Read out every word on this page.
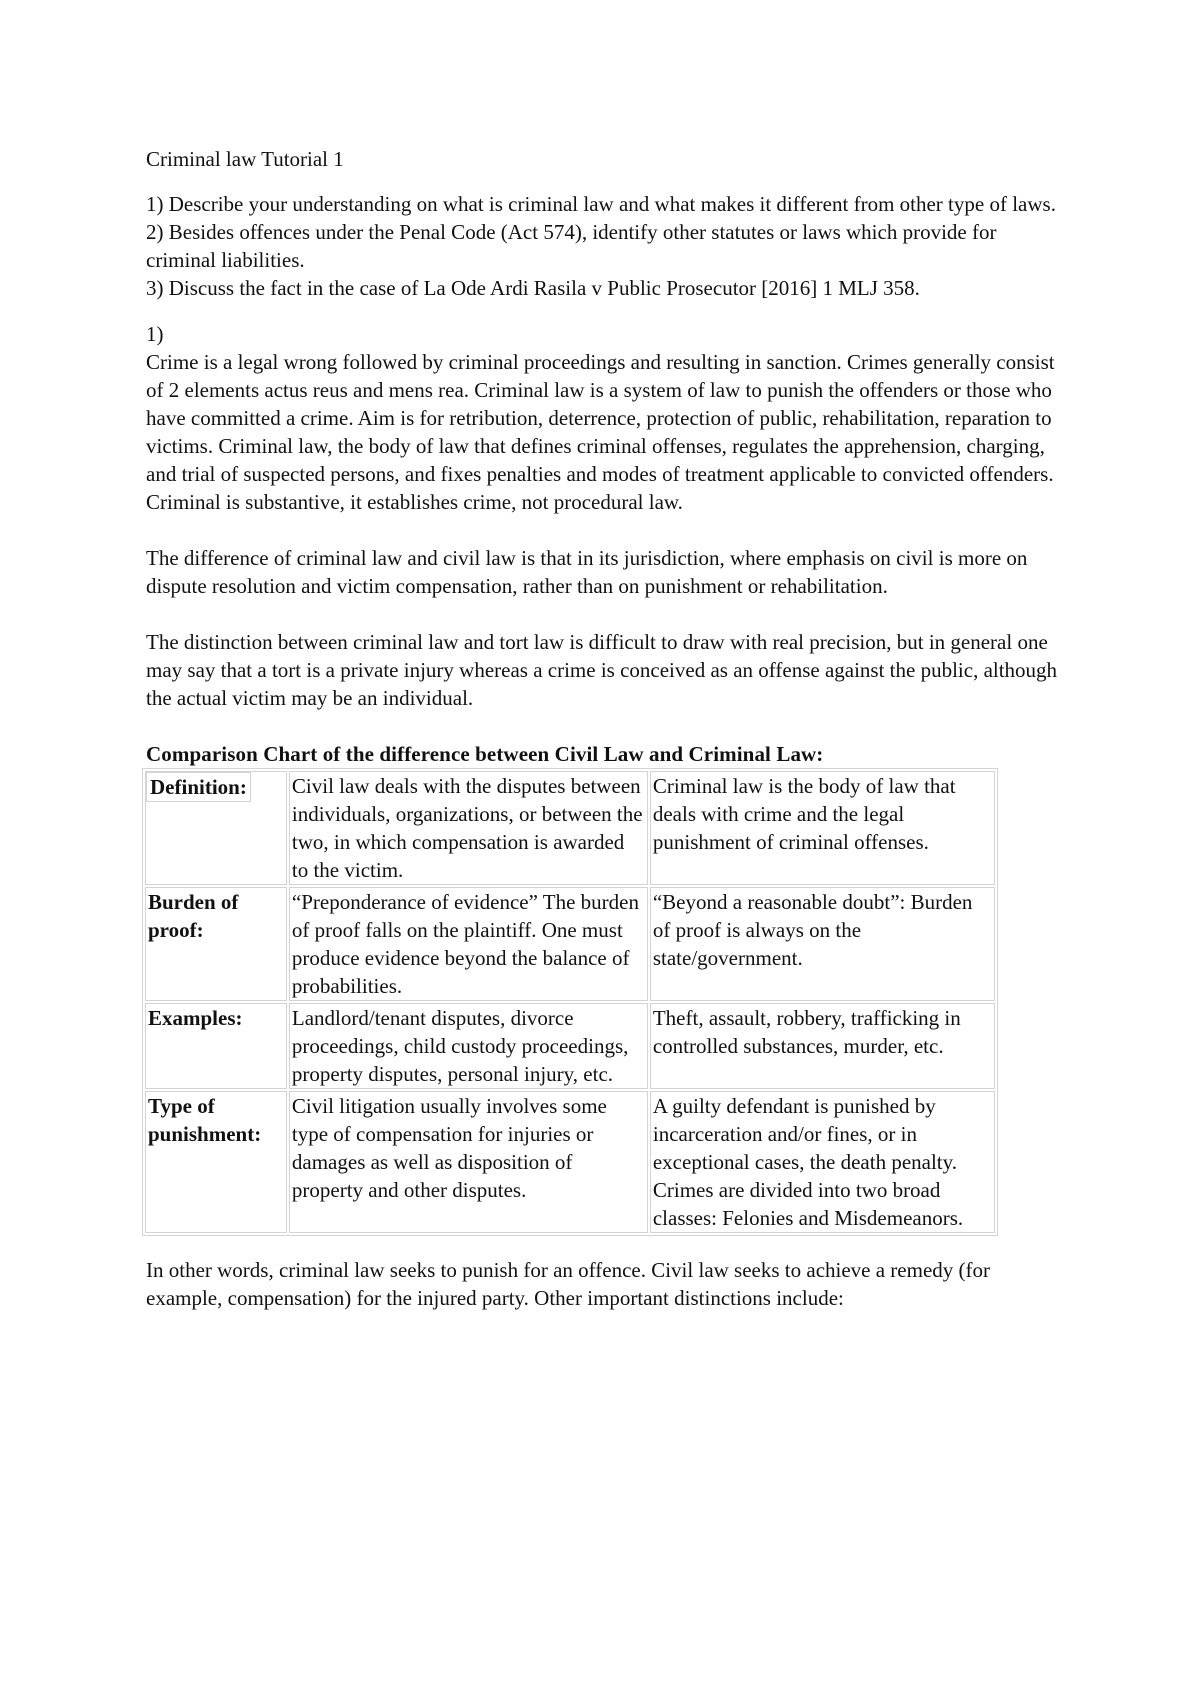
Criminal law Tutorial 1

1) Describe your understanding on what is criminal law and what makes it different from other type of laws.

2) Besides offences under the Penal Code (Act 574), identify other statutes or laws which provide for criminal liabilities.

3) Discuss the fact in the case of La Ode Ardi Rasila v Public Prosecutor [2016] 1 MLJ 358.

1)

Crime is a legal wrong followed by criminal proceedings and resulting in sanction. Crimes generally consist of 2 elements actus reus and mens rea. Criminal law is a system of law to punish the offenders or those who have committed a crime. Aim is for retribution, deterrence, protection of public, rehabilitation, reparation to victims. Criminal law, the body of law that defines criminal offenses, regulates the apprehension, charging, and trial of suspected persons, and fixes penalties and modes of treatment applicable to convicted offenders. Criminal is substantive, it establishes crime, not procedural law.

The difference of criminal law and civil law is that in its jurisdiction, where emphasis on civil is more on dispute resolution and victim compensation, rather than on punishment or rehabilitation.

The distinction between criminal law and tort law is difficult to draw with real precision, but in general one may say that a tort is a private injury whereas a crime is conceived as an offense against the public, although the actual victim may be an individual.

Comparison Chart of the difference between Civil Law and Criminal Law:

Definition:	Civil law deals with the disputes between individuals, organizations, or between the two, in which compensation is awarded to the victim.	Criminal law is the body of law that deals with crime and the legal punishment of criminal offenses.
Burden of proof:	“Preponderance of evidence” The burden of proof falls on the plaintiff. One must produce evidence beyond the balance of probabilities.	“Beyond a reasonable doubt”: Burden of proof is always on the state/government.
Examples:	Landlord/tenant disputes, divorce proceedings, child custody proceedings, property disputes, personal injury, etc.	Theft, assault, robbery, trafficking in controlled substances, murder, etc.
Type of punishment:	Civil litigation usually involves some type of compensation for injuries or damages as well as disposition of property and other disputes.	A guilty defendant is punished by incarceration and/or fines, or in exceptional cases, the death penalty. Crimes are divided into two broad classes: Felonies and Misdemeanors.

In other words, criminal law seeks to punish for an offence. Civil law seeks to achieve a remedy (for example, compensation) for the injured party. Other important distinctions include:
